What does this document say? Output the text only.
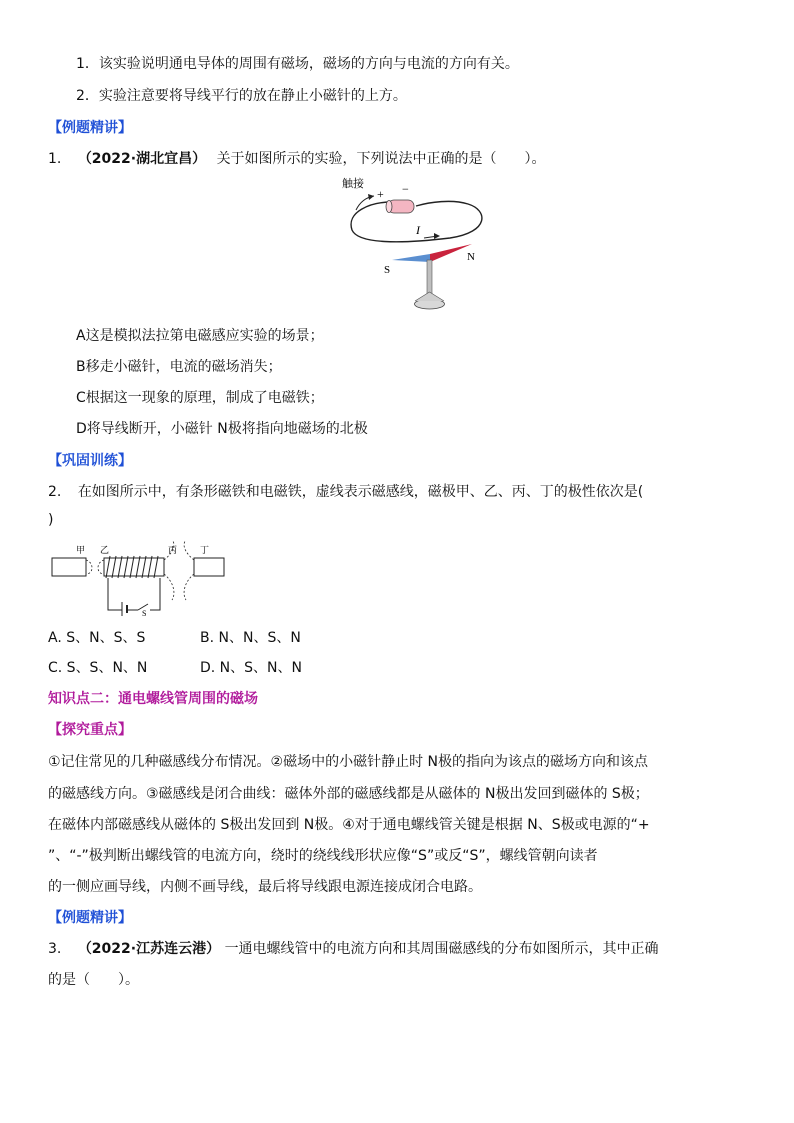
1．该实验说明通电导体的周围有磁场，磁场的方向与电流的方向有关。
2．实验注意要将导线平行的放在静止小磁针的上方。
【例题精讲】
1. （2022·湖北宜昌） 关于如图所示的实验，下列说法中正确的是（　　）。
触接
+ −
I
S
N
A这是模拟法拉第电磁感应实验的场景；
B移走小磁针，电流的磁场消失；
C根据这一现象的原理，制成了电磁铁；
D将导线断开，小磁针 N极将指向地磁场的北极
【巩固训练】
2. 在如图所示中，有条形磁铁和电磁铁，虚线表示磁感线，磁极甲、乙、丙、丁的极性依次是(
)
甲 乙	丙	丁
S
A. S、N、S、S	B. N、N、S、N
C. S、S、N、N	D. N、S、N、N
知识点二：通电螺线管周围的磁场
【探究重点】
①记住常见的几种磁感线分布情况。②磁场中的小磁针静止时 N极的指向为该点的磁场方向和该点
的磁感线方向。③磁感线是闭合曲线：磁体外部的磁感线都是从磁体的 N极出发回到磁体的 S极；
在磁体内部磁感线从磁体的 S极出发回到 N极。④对于通电螺线管关键是根据 N、S极或电源的“+
”、“-”极判断出螺线管的电流方向，绕时的绕线线形状应像“S”或反“S”，螺线管朝向读者
的一侧应画导线，内侧不画导线，最后将导线跟电源连接成闭合电路。
【例题精讲】
3. （2022·江苏连云港） 一通电螺线管中的电流方向和其周围磁感线的分布如图所示，其中正确
的是（　　）。
